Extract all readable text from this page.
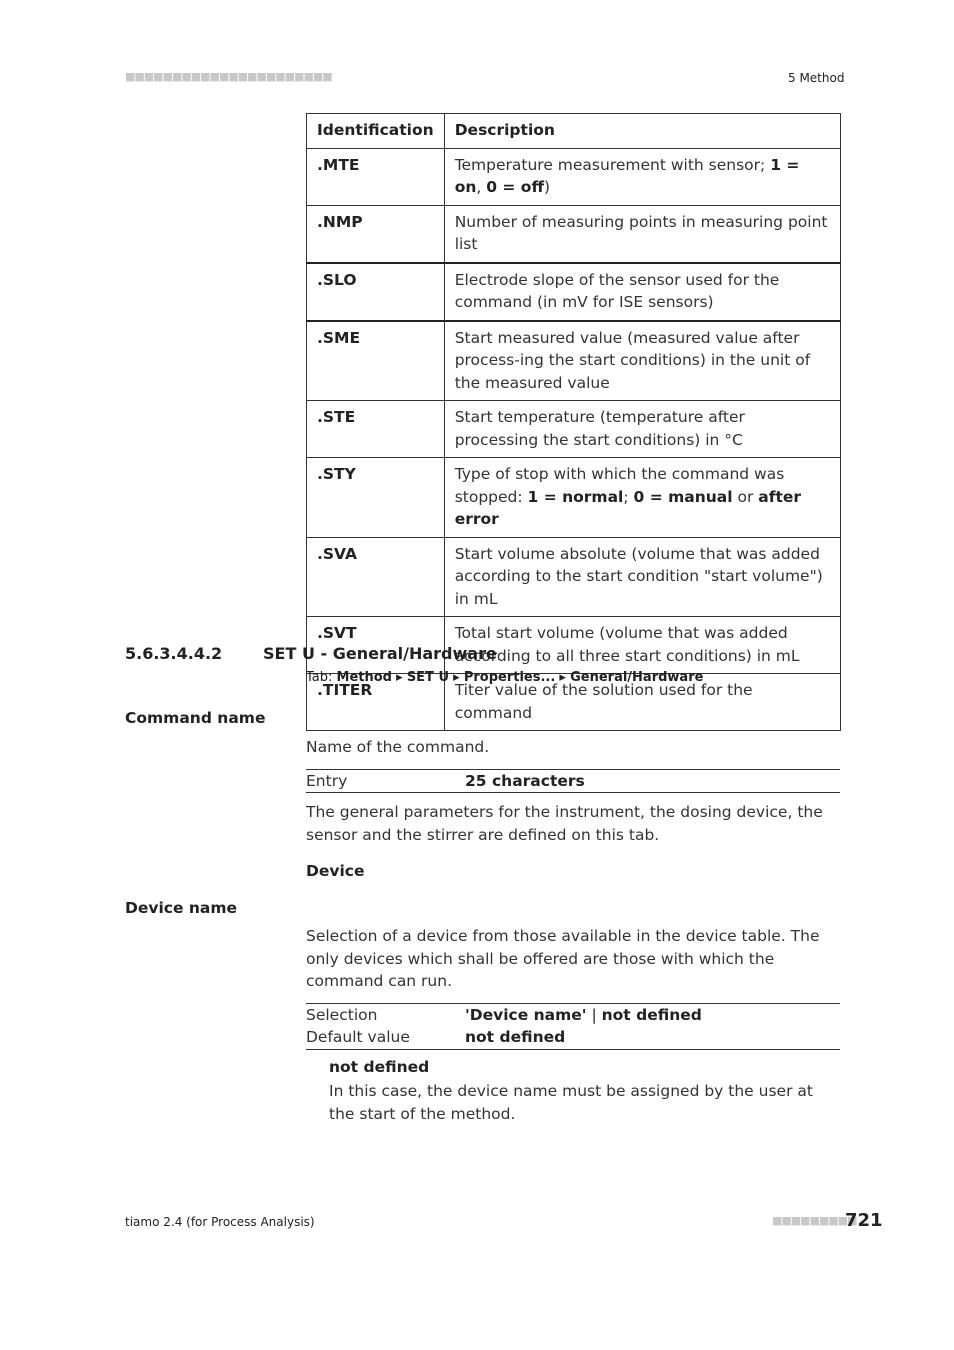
■■■■■■■■■■■■■■■■■■■■■■	5 Method
Identification	Description
.MTE	Temperature measurement with sensor; 1 = on, 0 = off)
.NMP	Number of measuring points in measuring point list
.SLO	Electrode slope of the sensor used for the command (in mV for ISE sensors)
.SME	Start measured value (measured value after process-ing the start conditions) in the unit of the measured value
.STE	Start temperature (temperature after processing the start conditions) in °C
.STY	Type of stop with which the command was stopped: 1 = normal; 0 = manual or after error
.SVA	Start volume absolute (volume that was added according to the start condition "start volume") in mL
.SVT	Total start volume (volume that was added according to all three start conditions) in mL
.TITER	Titer value of the solution used for the command
5.6.3.4.4.2	SET U - General/Hardware
Tab: Method ▸ SET U ▸ Properties... ▸ General/Hardware
Command name
Name of the command.
Entry	25 characters
The general parameters for the instrument, the dosing device, the sensor and the stirrer are defined on this tab.
Device
Device name
Selection of a device from those available in the device table. The only devices which shall be offered are those with which the command can run.
Selection	'Device name' | not defined
Default value	not defined
not defined
In this case, the device name must be assigned by the user at the start of the method.
tiamo 2.4 (for Process Analysis)	■■■■■■■■■
721
